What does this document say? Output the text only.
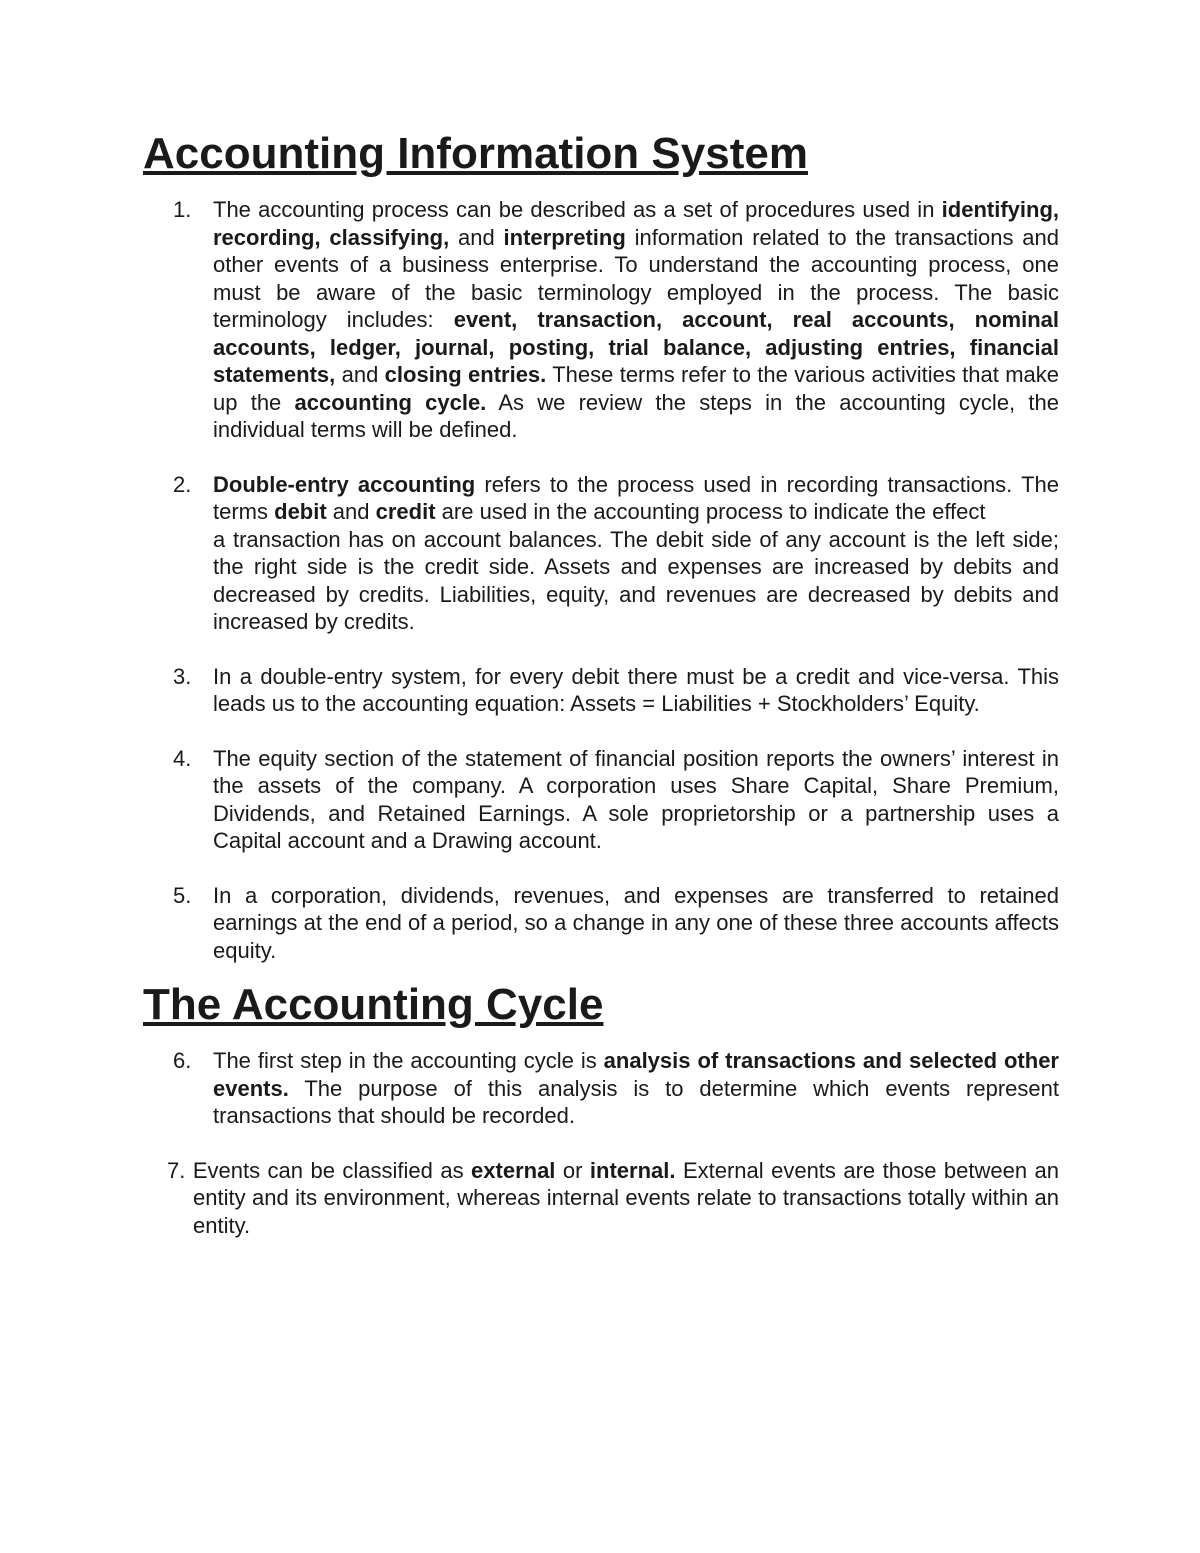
Accounting Information System
1. The accounting process can be described as a set of procedures used in identifying, recording, classifying, and interpreting information related to the transactions and other events of a business enterprise. To understand the accounting process, one must be aware of the basic terminology employed in the process. The basic terminology includes: event, transaction, account, real accounts, nominal accounts, ledger, journal, posting, trial balance, adjusting entries, financial statements, and closing entries. These terms refer to the various activities that make up the accounting cycle. As we review the steps in the accounting cycle, the individual terms will be defined.
2. Double-entry accounting refers to the process used in recording transactions. The terms debit and credit are used in the accounting process to indicate the effect

a transaction has on account balances. The debit side of any account is the left side; the right side is the credit side. Assets and expenses are increased by debits and decreased by credits. Liabilities, equity, and revenues are decreased by debits and increased by credits.

3. In a double-entry system, for every debit there must be a credit and vice-versa. This leads us to the accounting equation: Assets = Liabilities + Stockholders’ Equity.
4. The equity section of the statement of financial position reports the owners’ interest in the assets of the company. A corporation uses Share Capital, Share Premium, Dividends, and Retained Earnings. A sole proprietorship or a partnership uses a Capital account and a Drawing account.
5. In a corporation, dividends, revenues, and expenses are transferred to retained earnings at the end of a period, so a change in any one of these three accounts affects equity.
The Accounting Cycle
6. The first step in the accounting cycle is analysis of transactions and selected other events. The purpose of this analysis is to determine which events represent transactions that should be recorded.
7. Events can be classified as external or internal. External events are those between an entity and its environment, whereas internal events relate to transactions totally within an entity.
